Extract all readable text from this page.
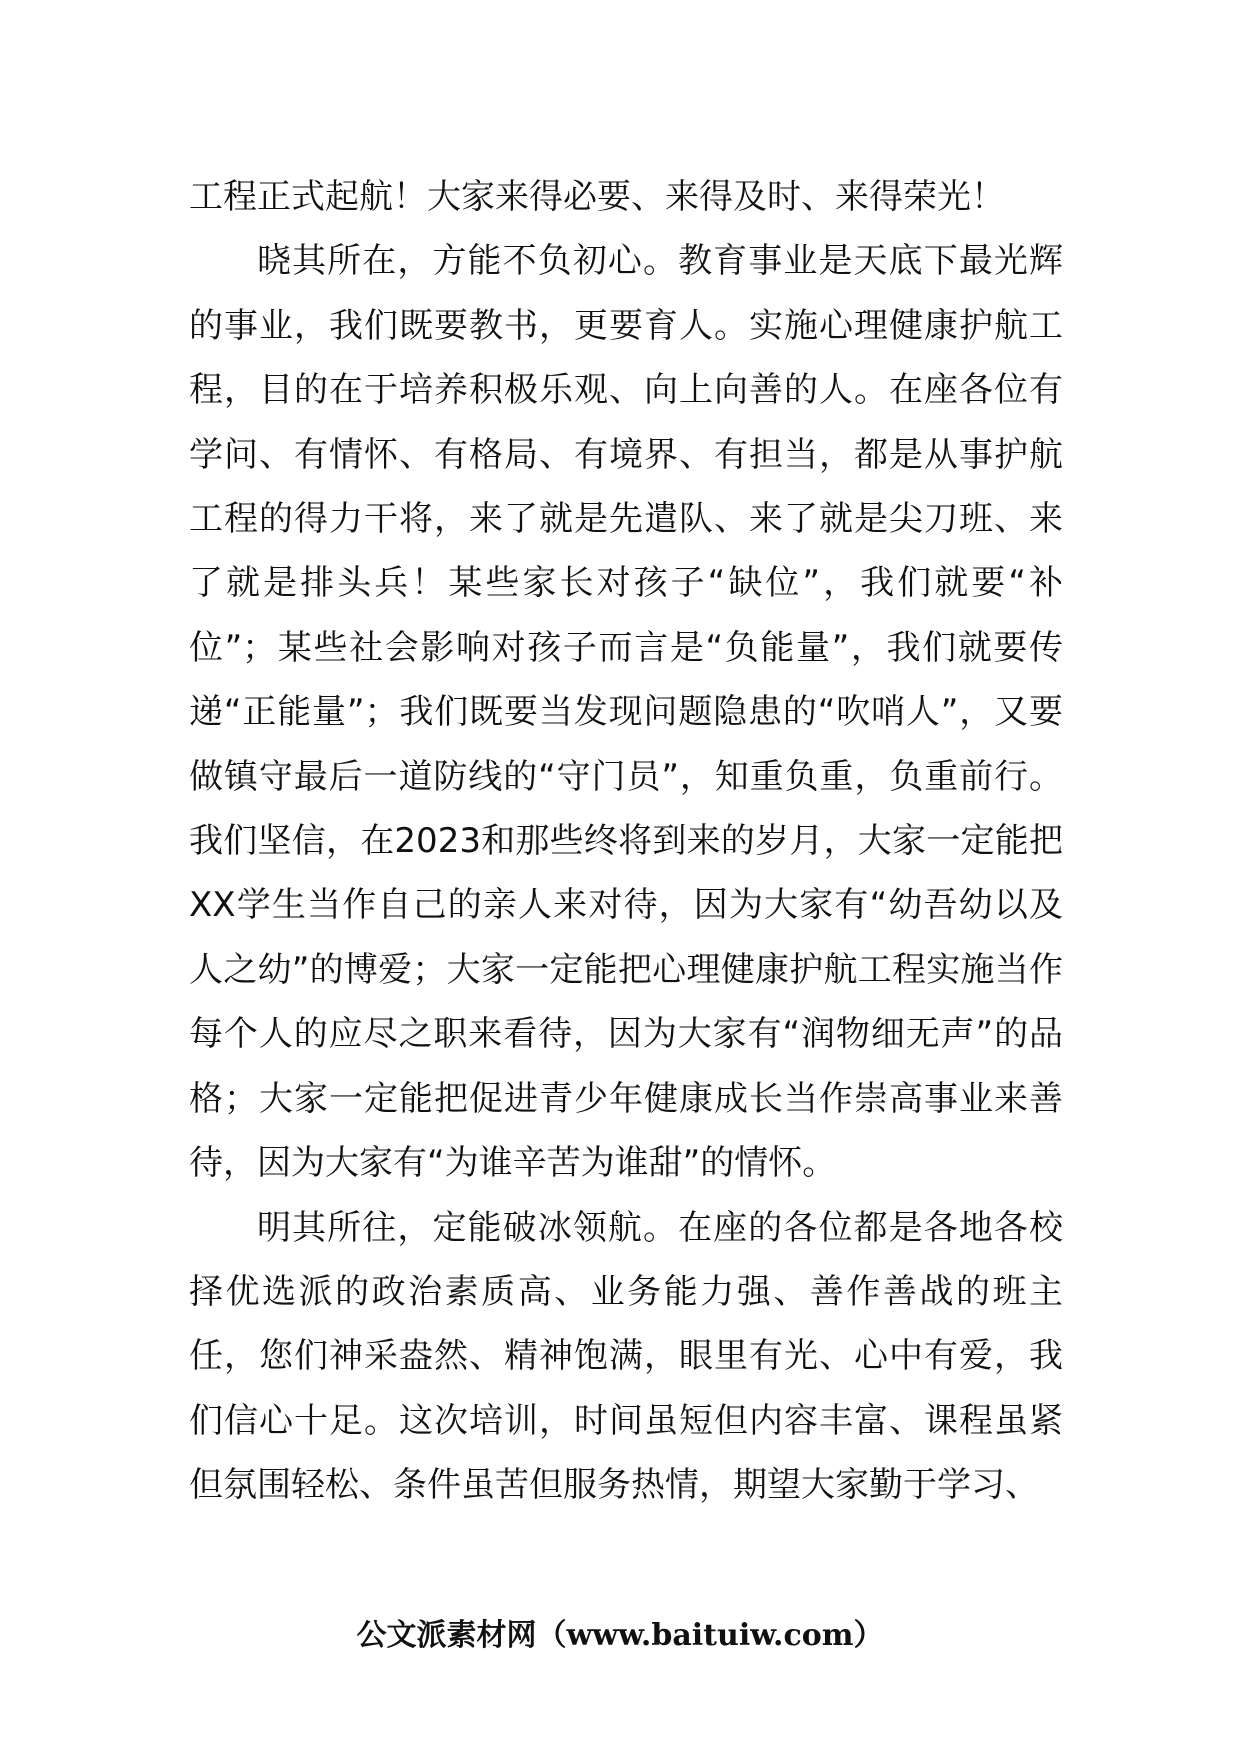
工程正式起航！大家来得必要、来得及时、来得荣光！

晓其所在，方能不负初心。教育事业是天底下最光辉的事业，我们既要教书，更要育人。实施心理健康护航工程，目的在于培养积极乐观、向上向善的人。在座各位有学问、有情怀、有格局、有境界、有担当，都是从事护航工程的得力干将，来了就是先遣队、来了就是尖刀班、来了就是排头兵！某些家长对孩子“缺位”，我们就要“补位”；某些社会影响对孩子而言是“负能量”，我们就要传递“正能量”；我们既要当发现问题隐患的“吹哨人”，又要做镇守最后一道防线的“守门员”，知重负重，负重前行。我们坚信，在2023和那些终将到来的岁月，大家一定能把XX学生当作自己的亲人来对待，因为大家有“幼吾幼以及人之幼”的博爱；大家一定能把心理健康护航工程实施当作每个人的应尽之职来看待，因为大家有“润物细无声”的品格；大家一定能把促进青少年健康成长当作崇高事业来善待，因为大家有“为谁辛苦为谁甜”的情怀。

明其所往，定能破冰领航。在座的各位都是各地各校择优选派的政治素质高、业务能力强、善作善战的班主任，您们神采盎然、精神饱满，眼里有光、心中有爱，我们信心十足。这次培训，时间虽短但内容丰富、课程虽紧但氛围轻松、条件虽苦但服务热情，期望大家勤于学习、

公文派素材网（www.baituiw.com）
